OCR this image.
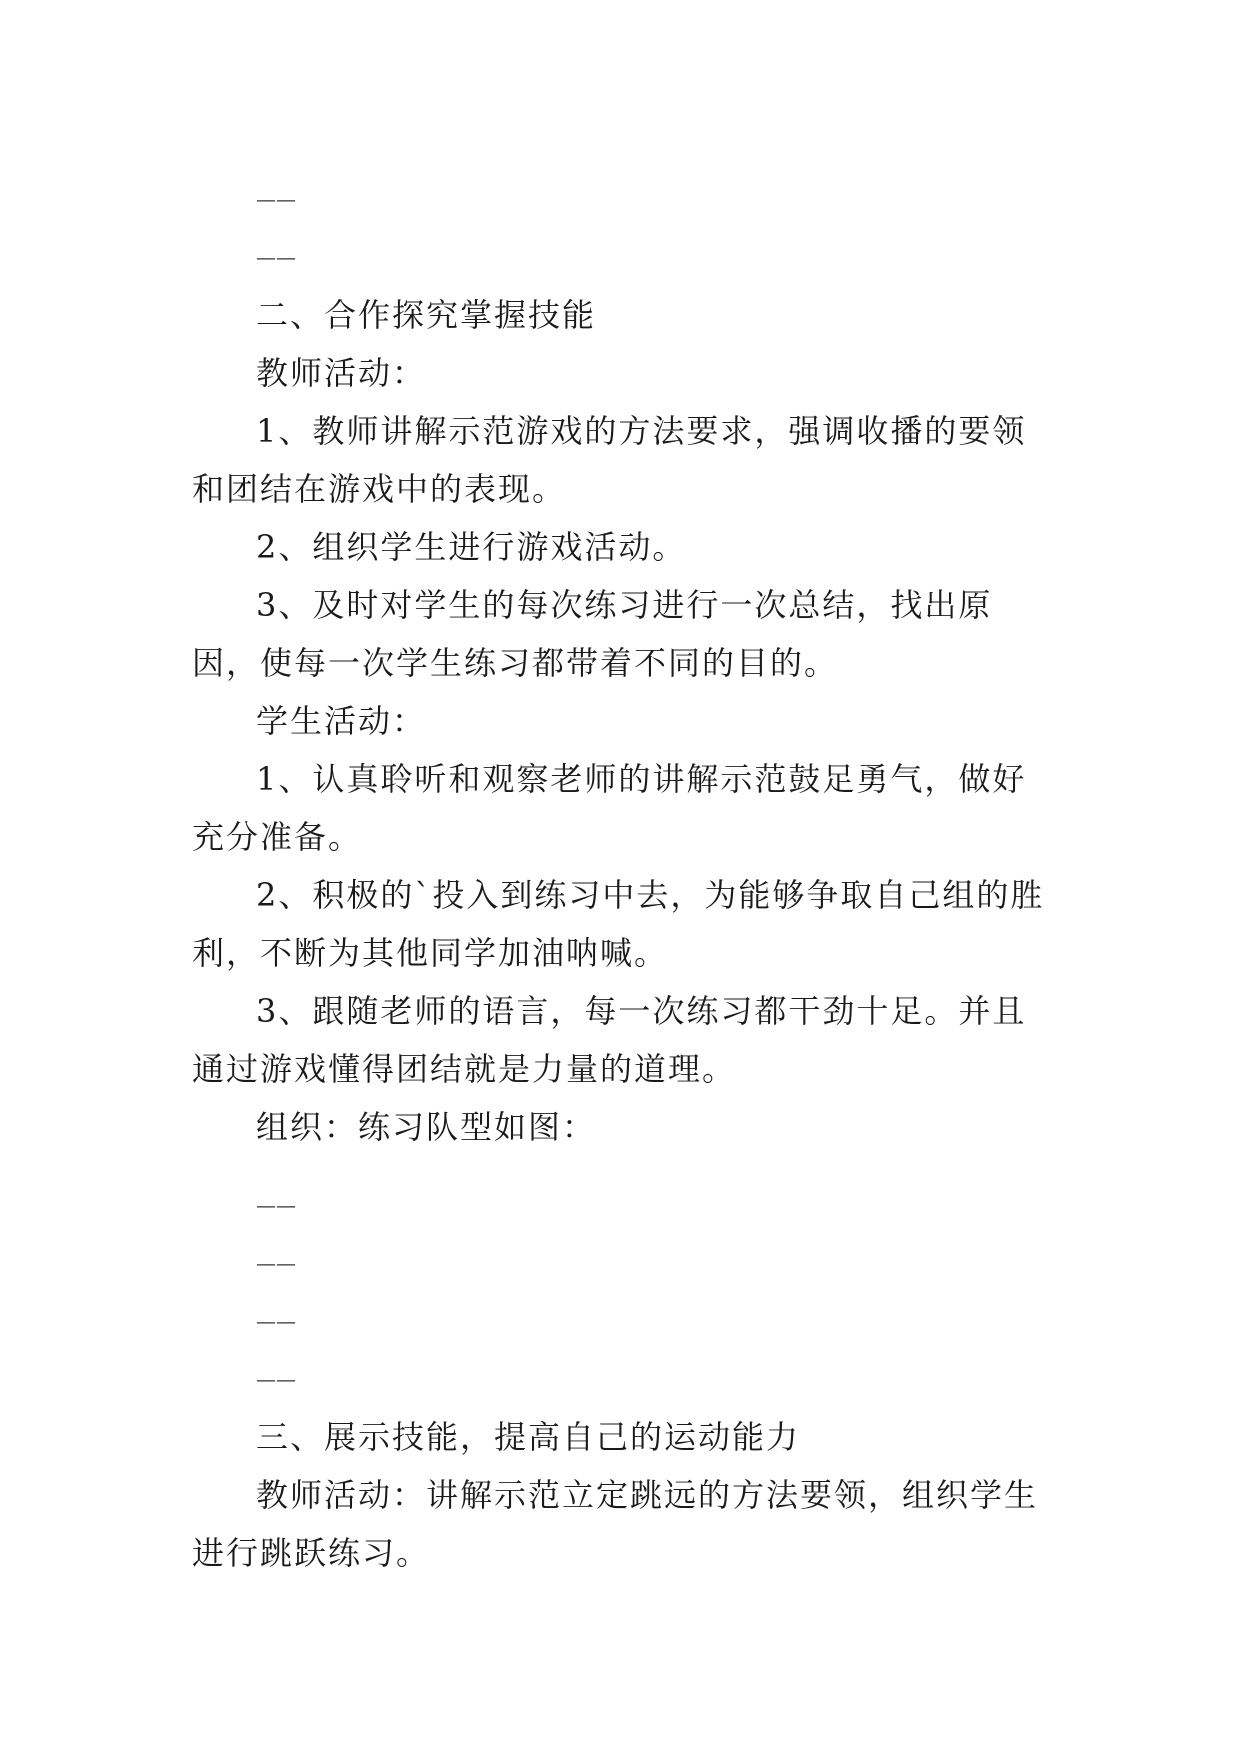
——
——
二、合作探究掌握技能
教师活动：
1、教师讲解示范游戏的方法要求，强调收播的要领和团结在游戏中的表现。
2、组织学生进行游戏活动。
3、及时对学生的每次练习进行一次总结，找出原因，使每一次学生练习都带着不同的目的。
学生活动：
1、认真聆听和观察老师的讲解示范鼓足勇气，做好充分准备。
2、积极的`投入到练习中去，为能够争取自己组的胜利，不断为其他同学加油呐喊。
3、跟随老师的语言，每一次练习都干劲十足。并且通过游戏懂得团结就是力量的道理。
组织：练习队型如图：
——
——
——
——
三、展示技能，提高自己的运动能力
教师活动：讲解示范立定跳远的方法要领，组织学生进行跳跃练习。
